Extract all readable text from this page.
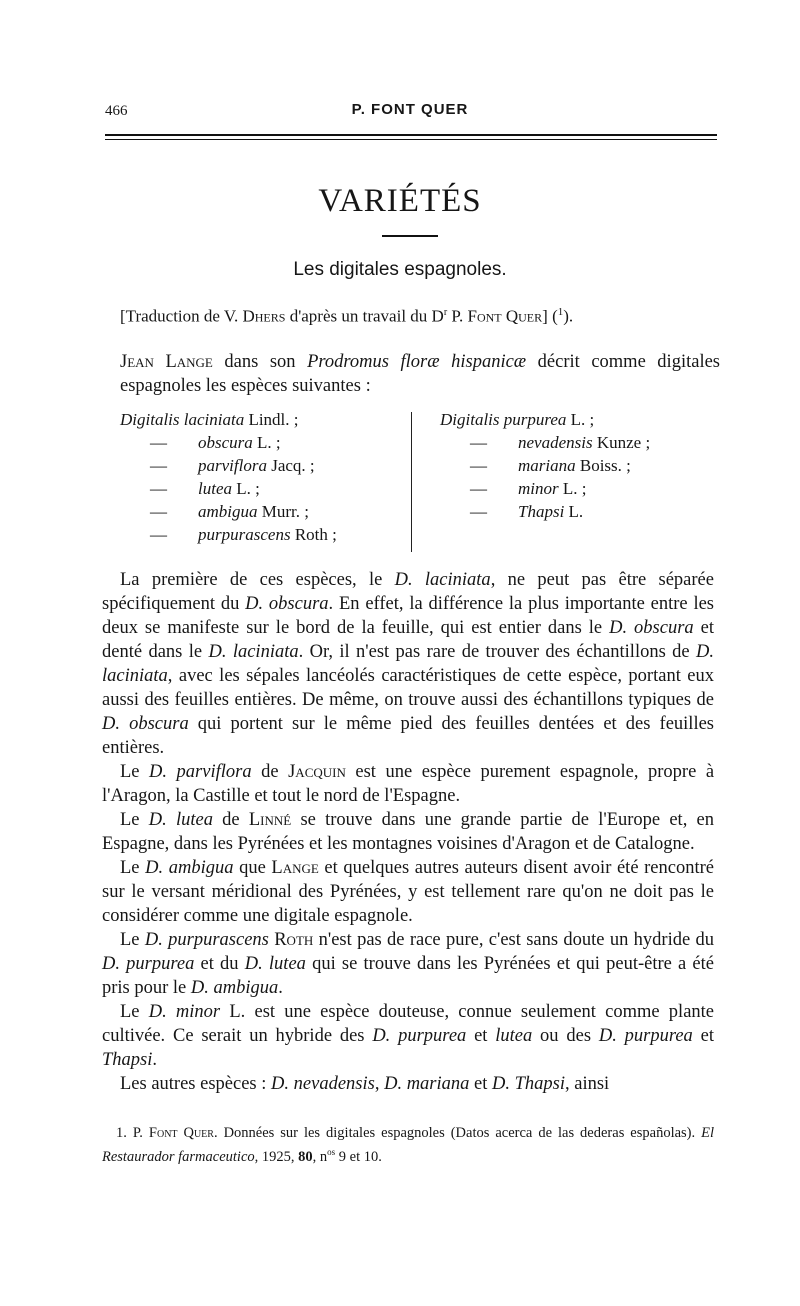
466	P. FONT QUER
VARIÉTÉS
Les digitales espagnoles.
[Traduction de V. Dhers d'après un travail du $D^r$ P. Font Quer] ($^1$).
Jean Lange dans son Prodromus floræ hispanicæ décrit comme digitales espagnoles les espèces suivantes :
Digitalis laciniata Lindl. ;
— obscura L. ;
— parviflora Jacq. ;
— lutea L. ;
— ambigua Murr. ;
— purpurascens Roth ;
Digitalis purpurea L. ;
— nevadensis Kunze ;
— mariana Boiss. ;
— minor L. ;
— Thapsi L.

La première de ces espèces, le D. laciniata, ne peut pas être séparée spécifiquement du D. obscura. En effet, la différence la plus importante entre les deux se manifeste sur le bord de la feuille, qui est entier dans le D. obscura et denté dans le D. laciniata. Or, il n'est pas rare de trouver des échantillons de D. laciniata, avec les sépales lancéolés caractéristiques de cette espèce, portant eux aussi des feuilles entières. De même, on trouve aussi des échantillons typiques de D. obscura qui portent sur le même pied des feuilles dentées et des feuilles entières.

Le D. parviflora de Jacquin est une espèce purement espagnole, propre à l'Aragon, la Castille et tout le nord de l'Espagne.

Le D. lutea de Linné se trouve dans une grande partie de l'Europe et, en Espagne, dans les Pyrénées et les montagnes voisines d'Aragon et de Catalogne.

Le D. ambigua que Lange et quelques autres auteurs disent avoir été rencontré sur le versant méridional des Pyrénées, y est tellement rare qu'on ne doit pas le considérer comme une digitale espagnole.

Le D. purpurascens Roth n'est pas de race pure, c'est sans doute un hydride du D. purpurea et du D. lutea qui se trouve dans les Pyrénées et qui peut-être a été pris pour le D. ambigua.

Le D. minor L. est une espèce douteuse, connue seulement comme plante cultivée. Ce serait un hybride des D. purpurea et lutea ou des D. purpurea et Thapsi.

Les autres espèces : D. nevadensis, D. mariana et D. Thapsi, ainsi

1. P. Font Quer. Données sur les digitales espagnoles (Datos acerca de las dederas españolas). El Restaurador farmaceutico, 1925, 80, $n^{os}$ 9 et 10.
